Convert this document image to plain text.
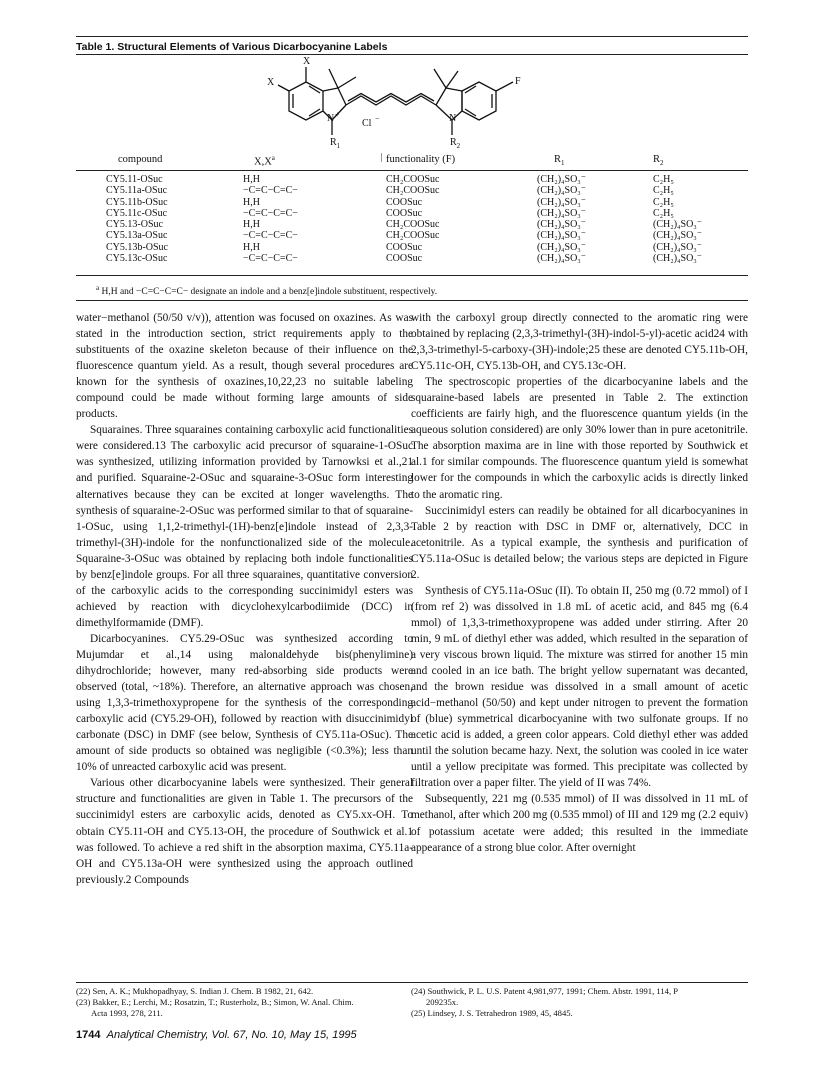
Table 1. Structural Elements of Various Dicarbocyanine Labels
X
X	F
N +
Cl −	N
$R_1$	$R_2$
compound	$X,X^a$	functionality (F)	$R_1$	$R_2$
CY5.11-OSuc	H,H	CH₂COOSuc	(CH₂)₄SO₃⁻	C₂H₅
CY5.11a-OSuc	−C=C−C=C−	CH₂COOSuc	(CH₂)₄SO₃⁻	C₂H₅
CY5.11b-OSuc	H,H	COOSuc	(CH₂)₄SO₃⁻	C₂H₅
CY5.11c-OSuc	−C=C−C=C−	COOSuc	(CH₂)₄SO₃⁻	C₂H₅
CY5.13-OSuc	H,H	CH₂COOSuc	(CH₂)₄SO₃⁻	(CH₂)₄SO₃⁻
CY5.13a-OSuc	−C=C−C=C−	CH₂COOSuc	(CH₂)₄SO₃⁻	(CH₂)₄SO₃⁻
CY5.13b-OSuc	H,H	COOSuc	(CH₂)₄SO₃⁻	(CH₂)₄SO₃⁻
CY5.13c-OSuc	−C=C−C=C−	COOSuc	(CH₂)₄SO₃⁻	(CH₂)₄SO₃⁻
$^a$ H,H and −C=C−C=C− designate an indole and a benz[e]indole substituent, respectively.

water−methanol (50/50 v/v)), attention was focused on oxazines. As was stated in the introduction section, strict requirements apply to the substituents of the oxazine skeleton because of their influence on the fluorescence quantum yield. As a result, though several procedures are known for the synthesis of oxazines,10,22,23 no suitable labeling compound could be made without forming large amounts of side products.

Squaraines. Three squaraines containing carboxylic acid functionalities were considered.13 The carboxylic acid precursor of squaraine-1-OSuc was synthesized, utilizing information provided by Tarnowksi et al.,21 and purified. Squaraine-2-OSuc and squaraine-3-OSuc form interesting alternatives because they can be excited at longer wavelengths. The synthesis of squaraine-2-OSuc was performed similar to that of squaraine-1-OSuc, using 1,1,2-trimethyl-(1H)-benz[e]indole instead of 2,3,3-trimethyl-(3H)-indole for the nonfunctionalized side of the molecule. Squaraine-3-OSuc was obtained by replacing both indole functionalities by benz[e]indole groups. For all three squaraines, quantitative conversion of the carboxylic acids to the corresponding succinimidyl esters was achieved by reaction with dicyclohexylcarbodiimide (DCC) in dimethylformamide (DMF).

Dicarbocyanines. CY5.29-OSuc was synthesized according to Mujumdar et al.,14 using malonaldehyde bis(phenylimine) dihydrochloride; however, many red-absorbing side products were observed (total, ~18%). Therefore, an alternative approach was chosen, using 1,3,3-trimethoxypropene for the synthesis of the corresponding carboxylic acid (CY5.29-OH), followed by reaction with disuccinimidyl carbonate (DSC) in DMF (see below, Synthesis of CY5.11a-OSuc). The amount of side products so obtained was negligible (<0.3%); less than 10% of unreacted carboxylic acid was present.

Various other dicarbocyanine labels were synthesized. Their general structure and functionalities are given in Table 1. The precursors of the succinimidyl esters are carboxylic acids, denoted as CY5.xx-OH. To obtain CY5.11-OH and CY5.13-OH, the procedure of Southwick et al.1 was followed. To achieve a red shift in the absorption maxima, CY5.11a-OH and CY5.13a-OH were synthesized using the approach outlined previously.2 Compounds

with the carboxyl group directly connected to the aromatic ring were obtained by replacing (2,3,3-trimethyl-(3H)-indol-5-yl)-acetic acid24 with 2,3,3-trimethyl-5-carboxy-(3H)-indole;25 these are denoted CY5.11b-OH, CY5.11c-OH, CY5.13b-OH, and CY5.13c-OH.

The spectroscopic properties of the dicarbocyanine labels and the squaraine-based labels are presented in Table 2. The extinction coefficients are fairly high, and the fluorescence quantum yields (in the aqueous solution considered) are only 30% lower than in pure acetonitrile. The absorption maxima are in line with those reported by Southwick et al.1 for similar compounds. The fluorescence quantum yield is somewhat lower for the compounds in which the carboxylic acids is directly linked to the aromatic ring.

Succinimidyl esters can readily be obtained for all dicarbocyanines in Table 2 by reaction with DSC in DMF or, alternatively, DCC in acetonitrile. As a typical example, the synthesis and purification of CY5.11a-OSuc is detailed below; the various steps are depicted in Figure 2.

Synthesis of CY5.11a-OSuc (II). To obtain II, 250 mg (0.72 mmol) of I (from ref 2) was dissolved in 1.8 mL of acetic acid, and 845 mg (6.4 mmol) of 1,3,3-trimethoxypropene was added under stirring. After 20 min, 9 mL of diethyl ether was added, which resulted in the separation of a very viscous brown liquid. The mixture was stirred for another 15 min and cooled in an ice bath. The bright yellow supernatant was decanted, and the brown residue was dissolved in a small amount of acetic acid−methanol (50/50) and kept under nitrogen to prevent the formation of (blue) symmetrical dicarbocyanine with two sulfonate groups. If no acetic acid is added, a green color appears. Cold diethyl ether was added until the solution became hazy. Next, the solution was cooled in ice water until a yellow precipitate was formed. This precipitate was collected by filtration over a paper filter. The yield of II was 74%.

Subsequently, 221 mg (0.535 mmol) of II was dissolved in 11 mL of methanol, after which 200 mg (0.535 mmol) of III and 129 mg (2.2 equiv) of potassium acetate were added; this resulted in the immediate appearance of a strong blue color. After overnight

(22) Sen, A. K.; Mukhopadhyay, S. Indian J. Chem. B 1982, 21, 642.
(23) Bakker, E.; Lerchi, M.; Rosatzin, T.; Rusterholz, B.; Simon, W. Anal. Chim.
Acta 1993, 278, 211.
(24) Southwick, P. L. U.S. Patent 4,981,977, 1991; Chem. Abstr. 1991, 114, P
209235x.
(25) Lindsey, J. S. Tetrahedron 1989, 45, 4845.
1744 Analytical Chemistry, Vol. 67, No. 10, May 15, 1995
